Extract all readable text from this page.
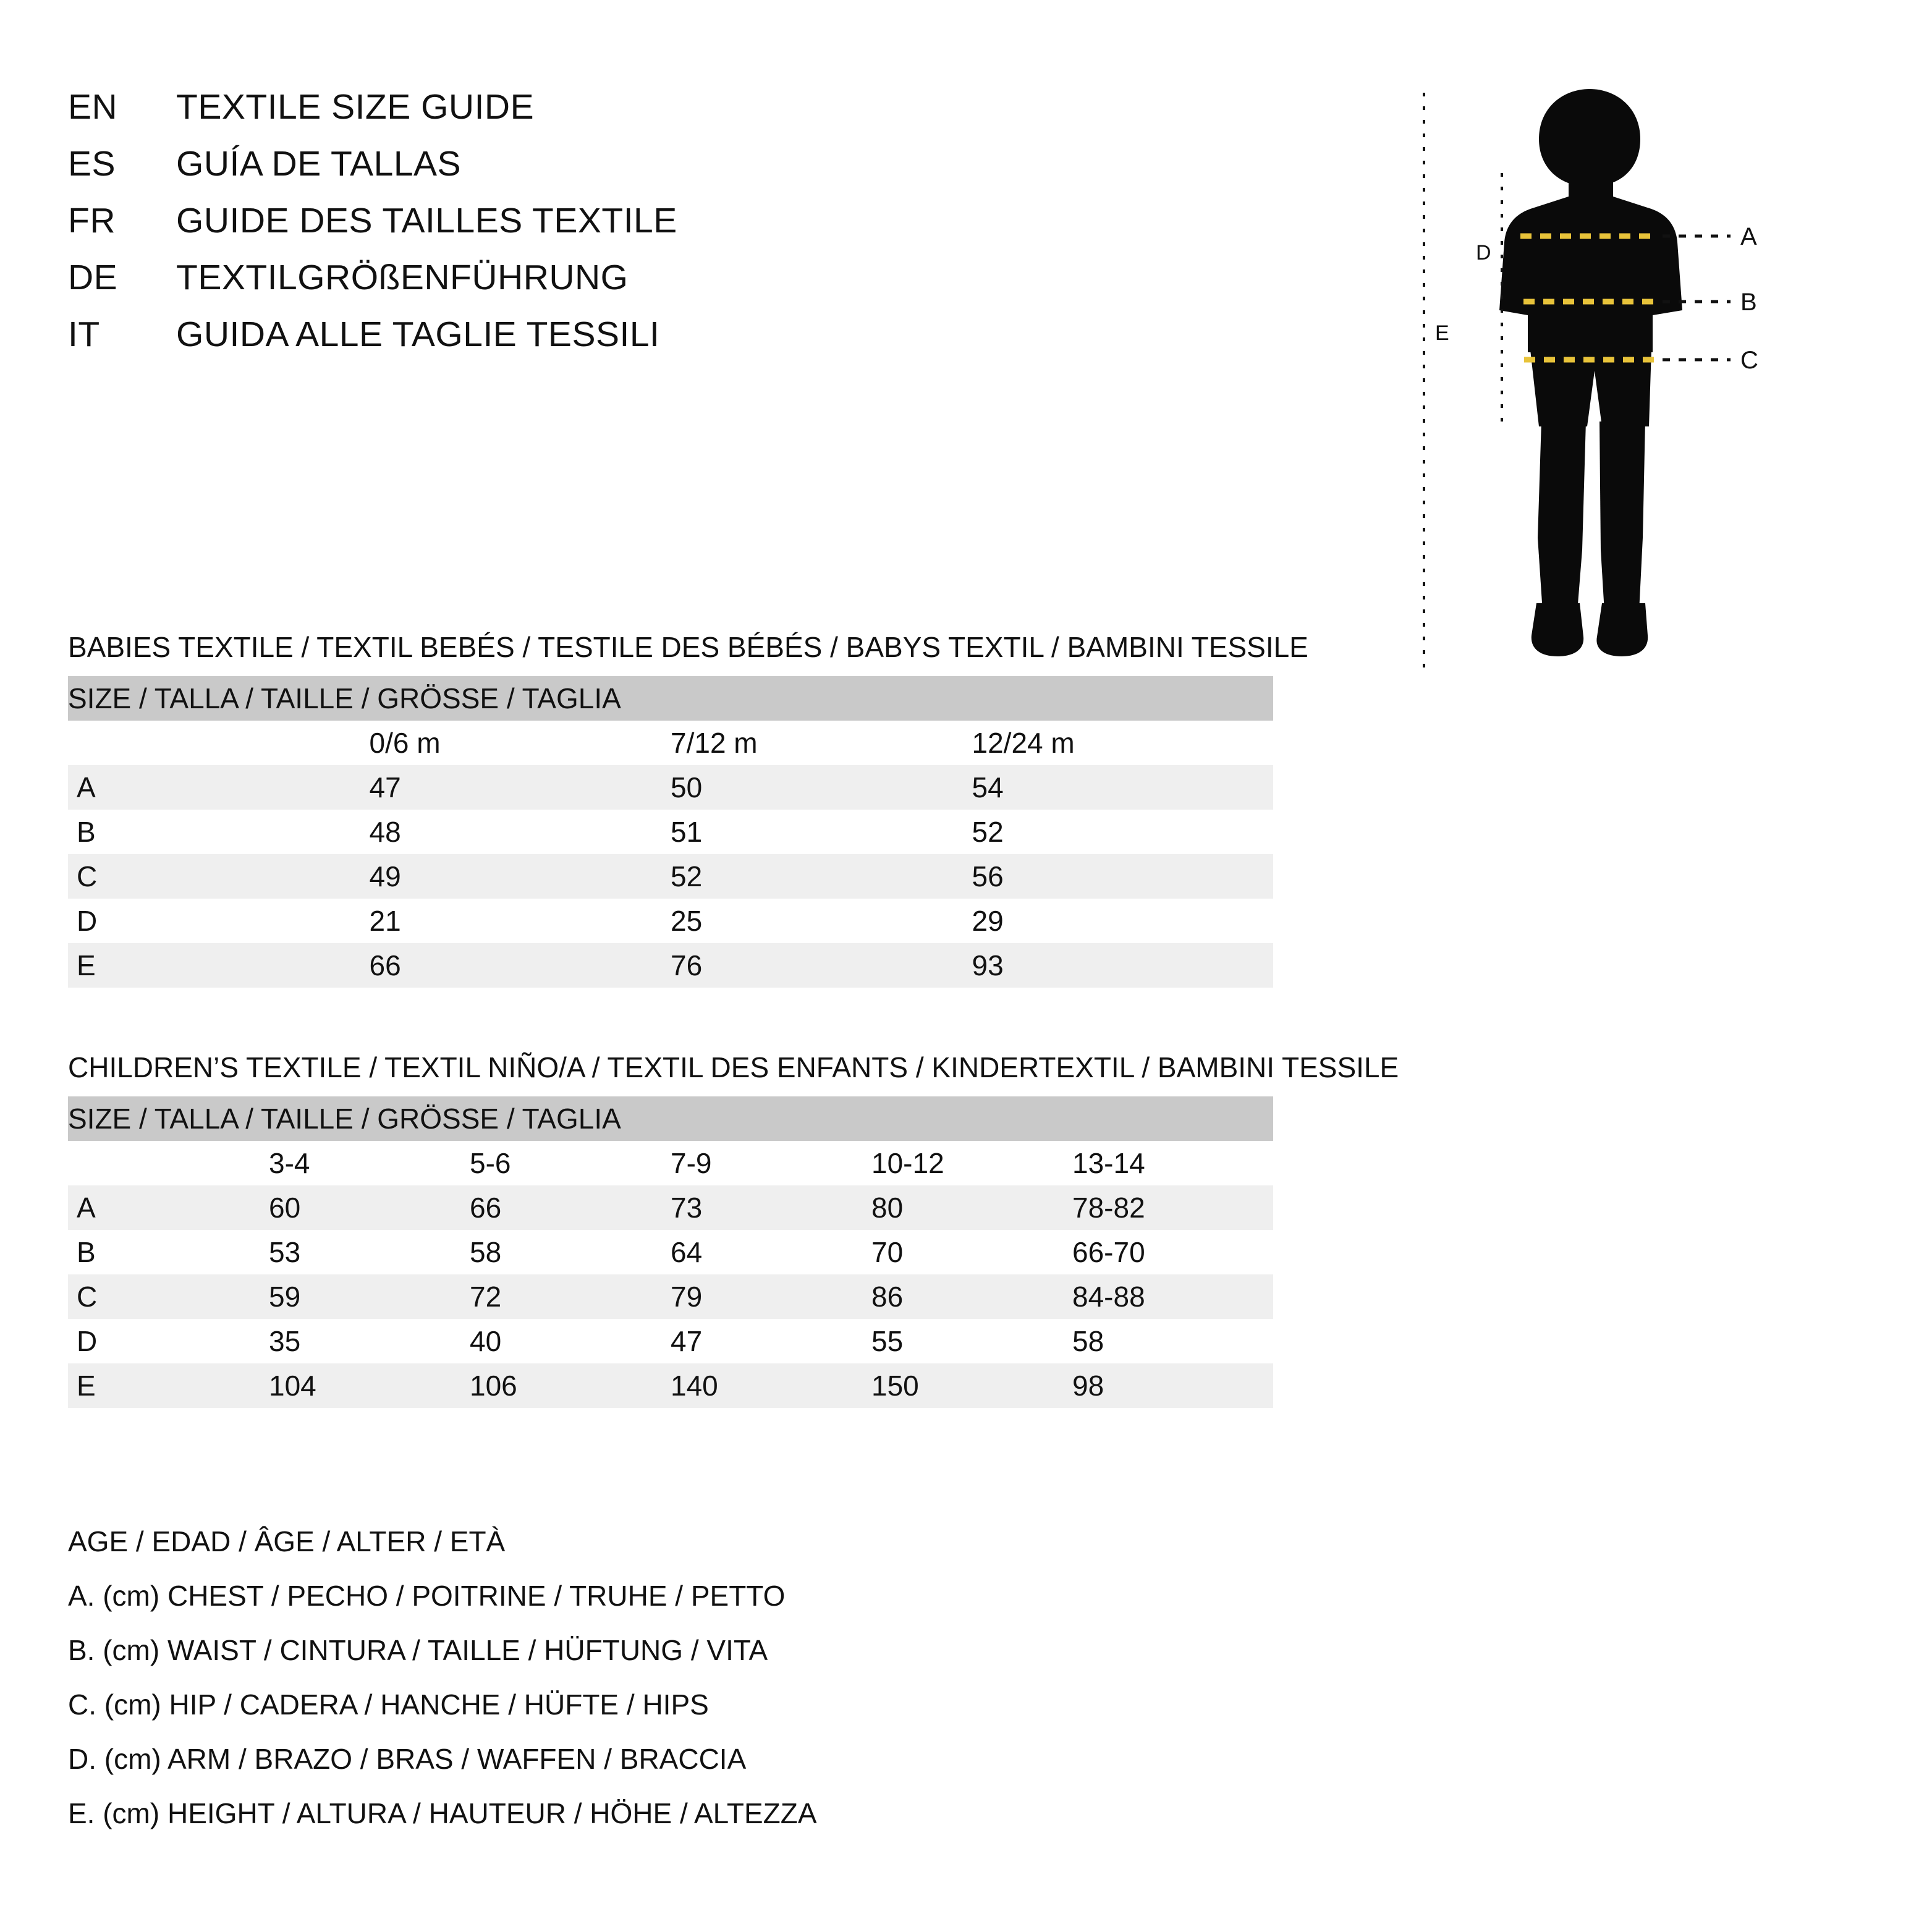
EN	TEXTILE SIZE GUIDE
ES	GUÍA DE TALLAS
FR	GUIDE DES TAILLES TEXTILE
DE	TEXTILGRÖßENFÜHRUNG
IT	GUIDA ALLE TAGLIE TESSILI	E
D
A
B
C
BABIES TEXTILE / TEXTIL BEBÉS / TESTILE DES BÉBÉS / BABYS TEXTIL / BAMBINI TESSILE
SIZE / TALLA / TAILLE / GRÖSSE / TAGLIA			
	0/6 m	7/12 m	12/24 m
A	47	50	54
B	48	51	52
C	49	52	56
D	21	25	29
E	66	76	93
CHILDREN’S TEXTILE / TEXTIL NIÑO/A / TEXTIL DES ENFANTS / KINDERTEXTIL / BAMBINI TESSILE
SIZE / TALLA / TAILLE / GRÖSSE / TAGLIA					
	3-4	5-6	7-9	10-12	13-14
A	60	66	73	80	78-82
B	53	58	64	70	66-70
C	59	72	79	86	84-88
D	35	40	47	55	58
E	104	106	140	150	98
AGE / EDAD / ÂGE / ALTER / ETÀ
A. (cm) CHEST / PECHO / POITRINE / TRUHE / PETTO
B. (cm) WAIST / CINTURA / TAILLE / HÜFTUNG / VITA
C. (cm) HIP / CADERA / HANCHE / HÜFTE / HIPS
D. (cm) ARM / BRAZO / BRAS / WAFFEN / BRACCIA
E. (cm) HEIGHT / ALTURA / HAUTEUR / HÖHE / ALTEZZA
